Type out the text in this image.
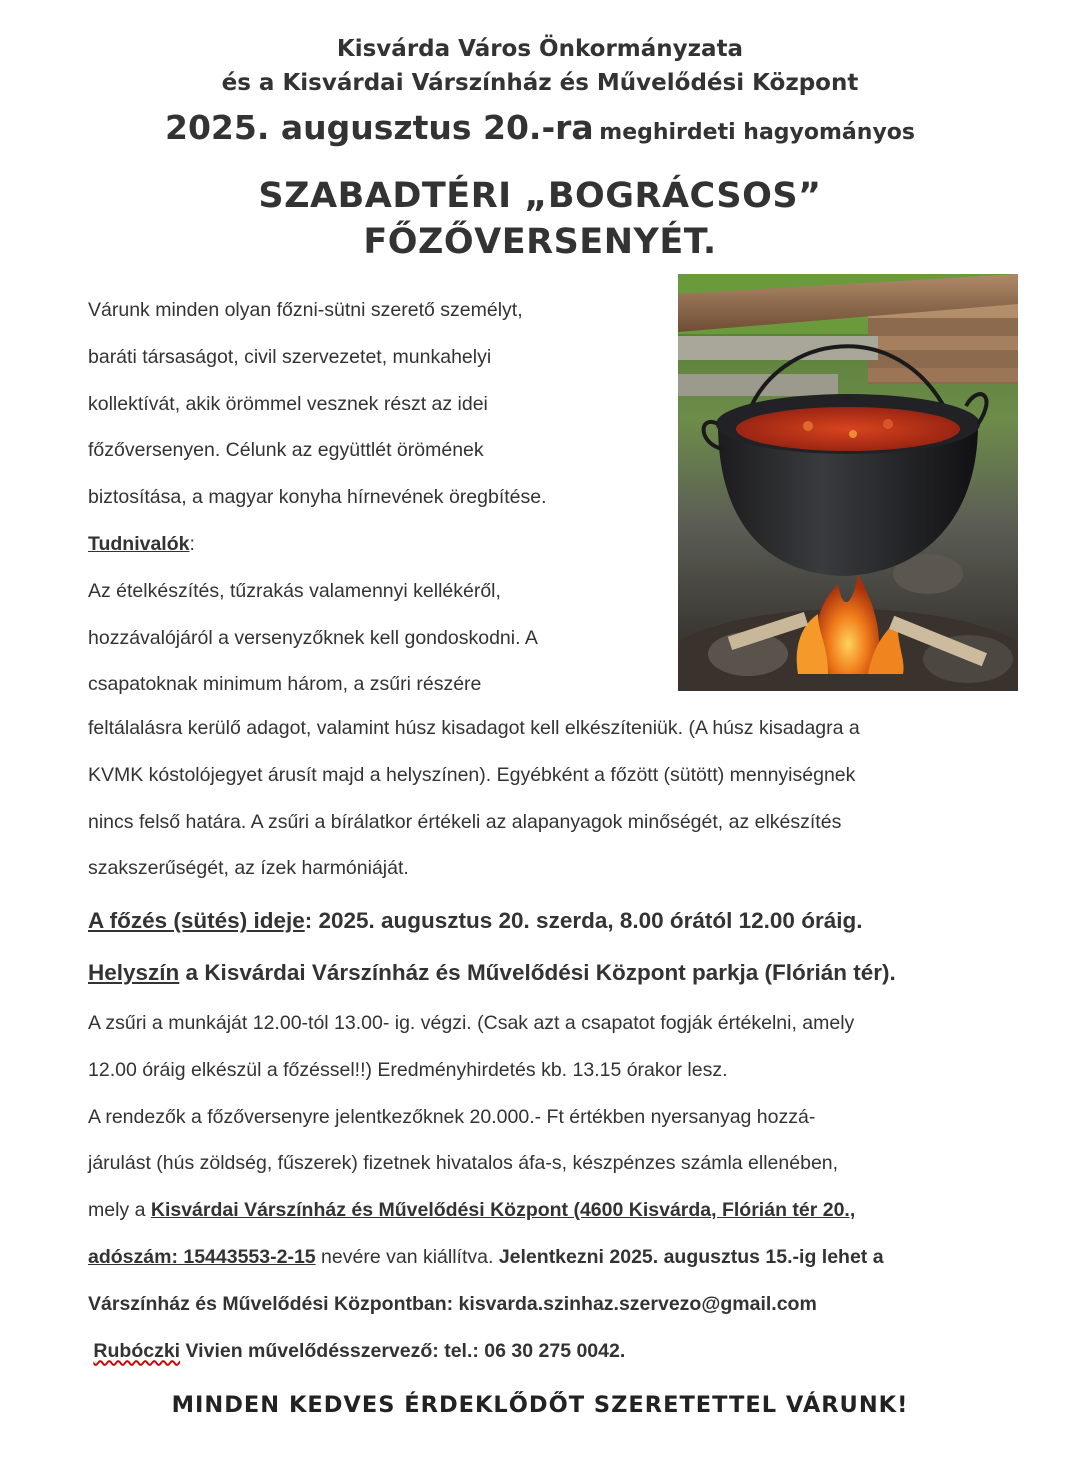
Kisvárda Város Önkormányzata
és a Kisvárdai Várszínház és Művelődési Központ
2025. augusztus 20.-ra meghirdeti hagyományos
SZABADTÉRI „BOGRÁCSOS”
FŐZŐVERSENYÉT.
Várunk minden olyan főzni-sütni szerető személyt,
baráti társaságot, civil szervezetet, munkahelyi
kollektívát, akik örömmel vesznek részt az idei
főzőversenyen. Célunk az együttlét örömének
biztosítása, a magyar konyha hírnevének öregbítése.
Tudnivalók:
Az ételkészítés, tűzrakás valamennyi kellékéről,
hozzávalójáról a versenyzőknek kell gondoskodni. A
csapatoknak minimum három, a zsűri részére
feltálalásra kerülő adagot, valamint húsz kisadagot kell elkészíteniük. (A húsz kisadagra a
KVMK kóstolójegyet árusít majd a helyszínen). Egyébként a főzött (sütött) mennyiségnek
nincs felső határa. A zsűri a bírálatkor értékeli az alapanyagok minőségét, az elkészítés
szakszerűségét, az ízek harmóniáját.
A főzés (sütés) ideje: 2025. augusztus 20. szerda, 8.00 órától 12.00 óráig.
Helyszín a Kisvárdai Várszínház és Művelődési Központ parkja (Flórián tér).
A zsűri a munkáját 12.00-tól 13.00- ig. végzi. (Csak azt a csapatot fogják értékelni, amely
12.00 óráig elkészül a főzéssel!!) Eredményhirdetés kb. 13.15 órakor lesz.
A rendezők a főzőversenyre jelentkezőknek 20.000.- Ft értékben nyersanyag hozzá-
járulást (hús zöldség, fűszerek) fizetnek hivatalos áfa-s, készpénzes számla ellenében,
mely a Kisvárdai Várszínház és Művelődési Központ (4600 Kisvárda, Flórián tér 20.,
adószám: 15443553-2-15 nevére van kiállítva. Jelentkezni 2025. augusztus 15.-ig lehet a
Várszínház és Művelődési Központban: kisvarda.szinhaz.szervezo@gmail.com
Rubóczki Vivien művelődésszervező: tel.: 06 30 275 0042.
MINDEN KEDVES ÉRDEKLŐDŐT SZERETETTEL VÁRUNK!
